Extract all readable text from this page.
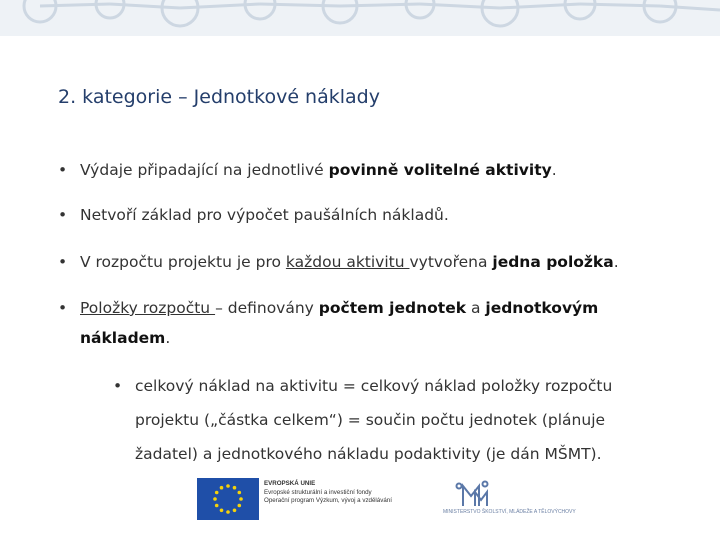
2. kategorie – Jednotkové náklady
• Výdaje připadající na jednotlivé povinně volitelné aktivity.
• Netvoří základ pro výpočet paušálních nákladů.
• V rozpočtu projektu je pro každou aktivitu vytvořena jedna položka.
• Položky rozpočtu – definovány počtem jednotek a jednotkovým
nákladem.
• celkový náklad na aktivitu = celkový náklad položky rozpočtu
projektu („částka celkem“) = součin počtu jednotek (plánuje
žadatel) a jednotkového nákladu podaktivity (je dán MŠMT).
EVROPSKÁ UNIE
Evropské strukturální a investiční fondy
Operační program Výzkum, vývoj a vzdělávání
MINISTERSTVO ŠKOLSTVÍ, MLÁDEŽE A TĚLOVÝCHOVY
